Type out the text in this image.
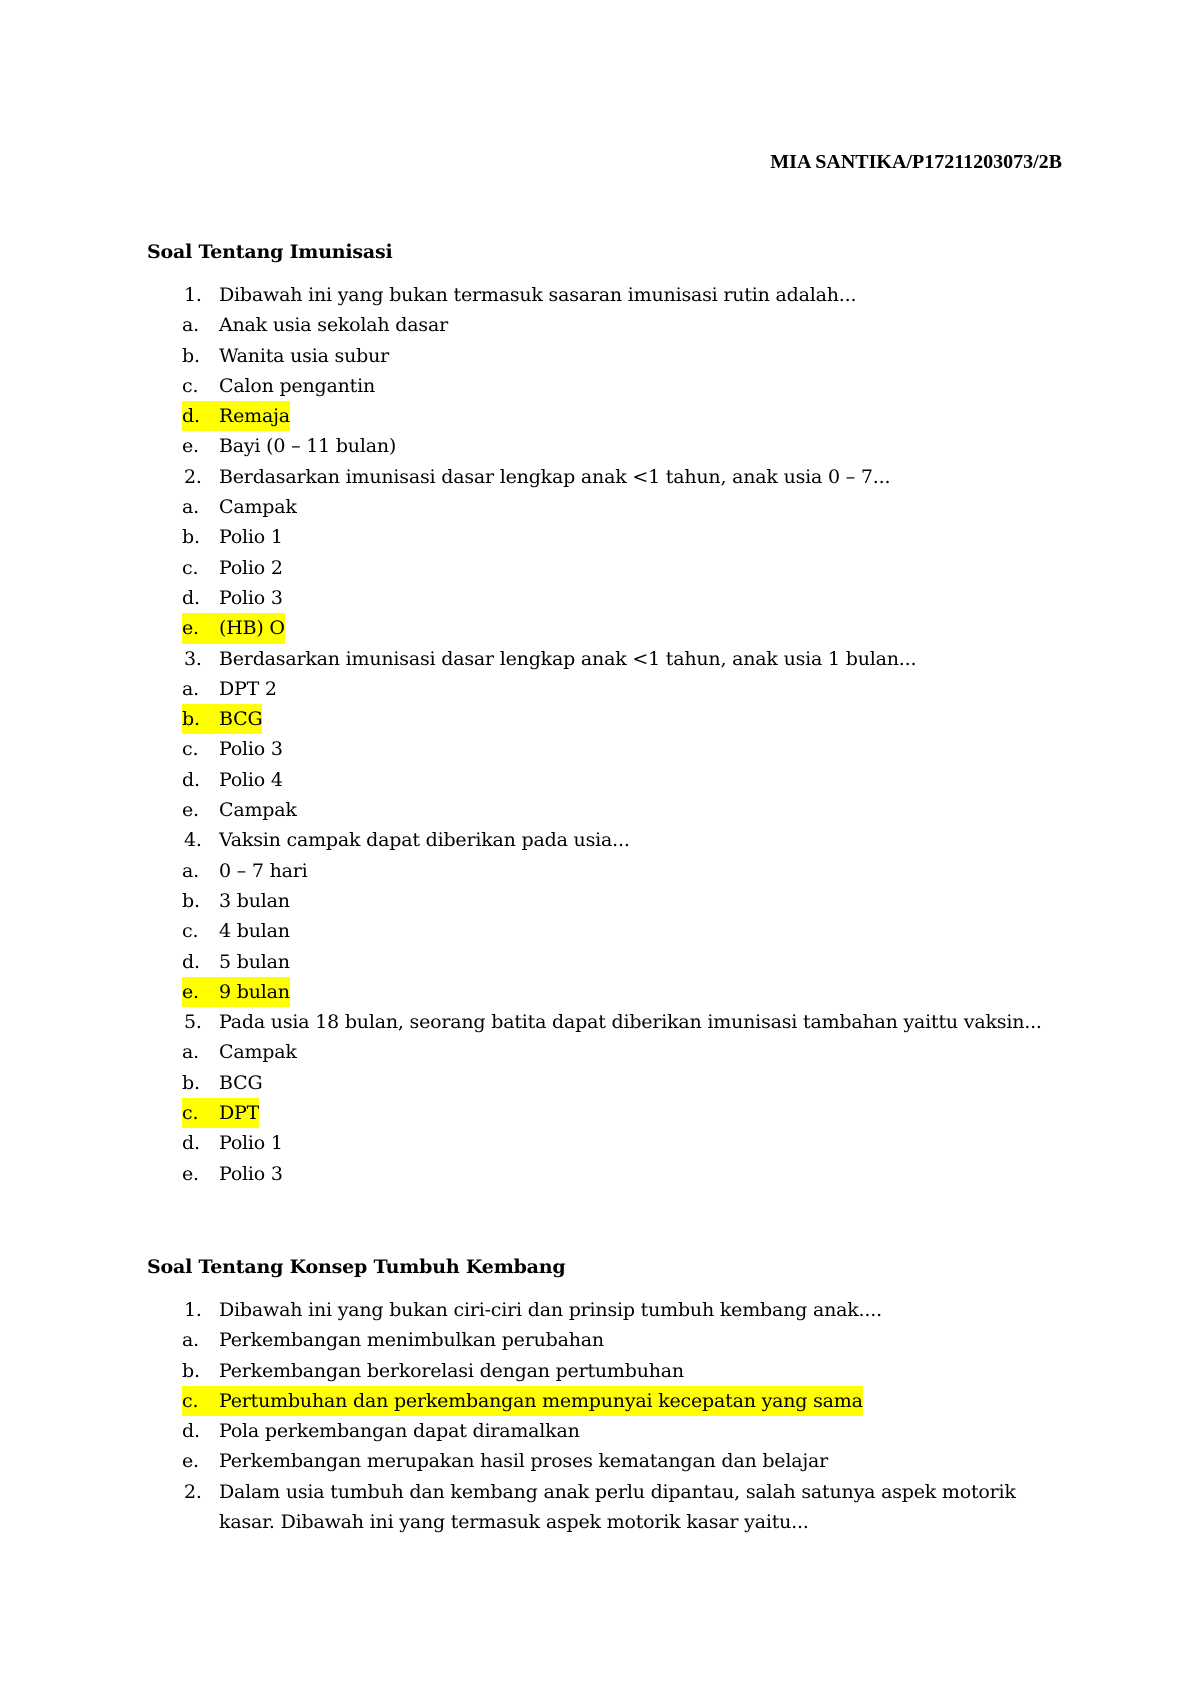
MIA SANTIKA/P17211203073/2B
Soal Tentang Imunisasi
1. Dibawah ini yang bukan termasuk sasaran imunisasi rutin adalah...
a. Anak usia sekolah dasar
b. Wanita usia subur
c. Calon pengantin
d. Remaja
e. Bayi (0 – 11 bulan)
2. Berdasarkan imunisasi dasar lengkap anak <1 tahun, anak usia 0 – 7...
a. Campak
b. Polio 1
c. Polio 2
d. Polio 3
e. (HB) O
3. Berdasarkan imunisasi dasar lengkap anak <1 tahun, anak usia 1 bulan...
a. DPT 2
b. BCG
c. Polio 3
d. Polio 4
e. Campak
4. Vaksin campak dapat diberikan pada usia...
a. 0 – 7 hari
b. 3 bulan
c. 4 bulan
d. 5 bulan
e. 9 bulan
5. Pada usia 18 bulan, seorang batita dapat diberikan imunisasi tambahan yaittu vaksin...
a. Campak
b. BCG
c. DPT
d. Polio 1
e. Polio 3
Soal Tentang Konsep Tumbuh Kembang
1. Dibawah ini yang bukan ciri-ciri dan prinsip tumbuh kembang anak....
a. Perkembangan menimbulkan perubahan
b. Perkembangan berkorelasi dengan pertumbuhan
c. Pertumbuhan dan perkembangan mempunyai kecepatan yang sama
d. Pola perkembangan dapat diramalkan
e. Perkembangan merupakan hasil proses kematangan dan belajar
2. Dalam usia tumbuh dan kembang anak perlu dipantau, salah satunya aspek motorik kasar. Dibawah ini yang termasuk aspek motorik kasar yaitu...
